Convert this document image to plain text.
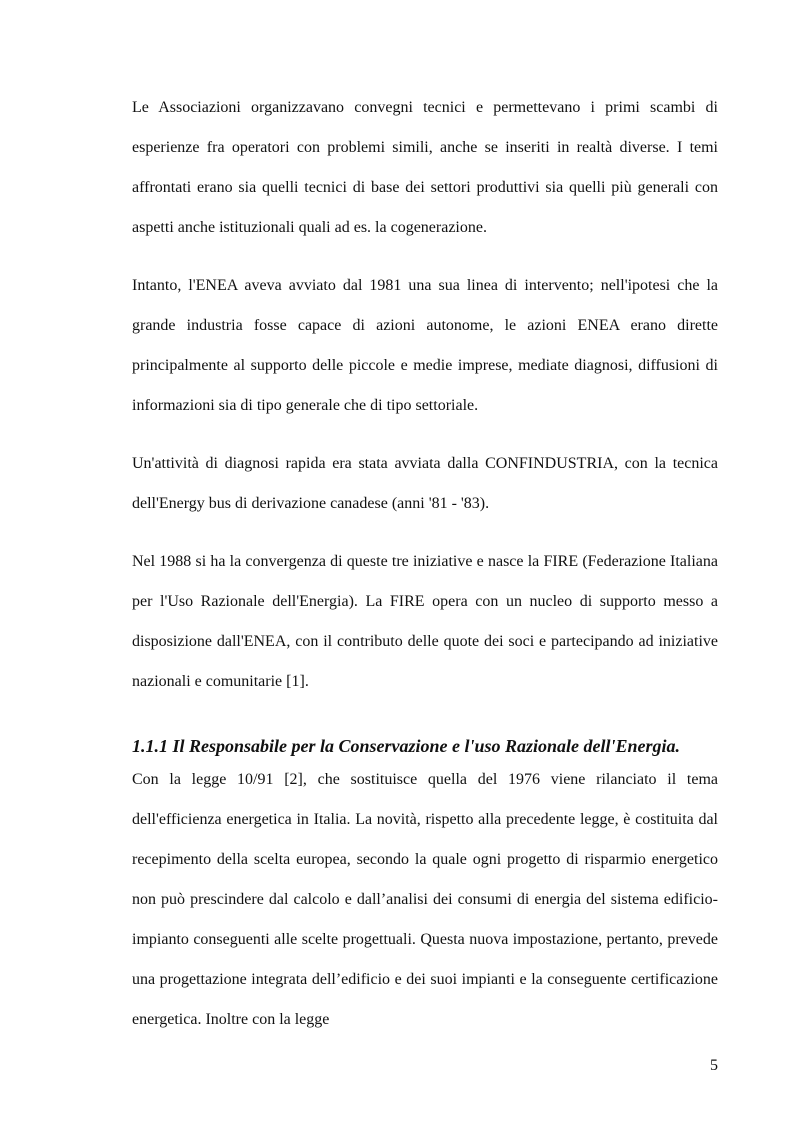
Le Associazioni organizzavano convegni tecnici e permettevano i primi scambi di esperienze fra operatori con problemi simili, anche se inseriti in realtà diverse. I temi affrontati erano sia quelli tecnici di base dei settori produttivi sia quelli più generali con aspetti anche istituzionali quali ad es. la cogenerazione.

Intanto, l'ENEA aveva avviato dal 1981 una sua linea di intervento; nell'ipotesi che la grande industria fosse capace di azioni autonome, le azioni ENEA erano dirette principalmente al supporto delle piccole e medie imprese, mediate diagnosi, diffusioni di informazioni sia di tipo generale che di tipo settoriale.

Un'attività di diagnosi rapida era stata avviata dalla CONFINDUSTRIA, con la tecnica dell'Energy bus di derivazione canadese (anni '81 - '83).

Nel 1988 si ha la convergenza di queste tre iniziative e nasce la FIRE (Federazione Italiana per l'Uso Razionale dell'Energia). La FIRE opera con un nucleo di supporto messo a disposizione dall'ENEA, con il contributo delle quote dei soci e partecipando ad iniziative nazionali e comunitarie [1].

1.1.1 Il Responsabile per la Conservazione e l'uso Razionale dell'Energia.

Con la legge 10/91 [2], che sostituisce quella del 1976 viene rilanciato il tema dell'efficienza energetica in Italia. La novità, rispetto alla precedente legge, è costituita dal recepimento della scelta europea, secondo la quale ogni progetto di risparmio energetico non può prescindere dal calcolo e dall’analisi dei consumi di energia del sistema edificio-impianto conseguenti alle scelte progettuali. Questa nuova impostazione, pertanto, prevede una progettazione integrata dell’edificio e dei suoi impianti e la conseguente certificazione energetica. Inoltre con la legge

5
